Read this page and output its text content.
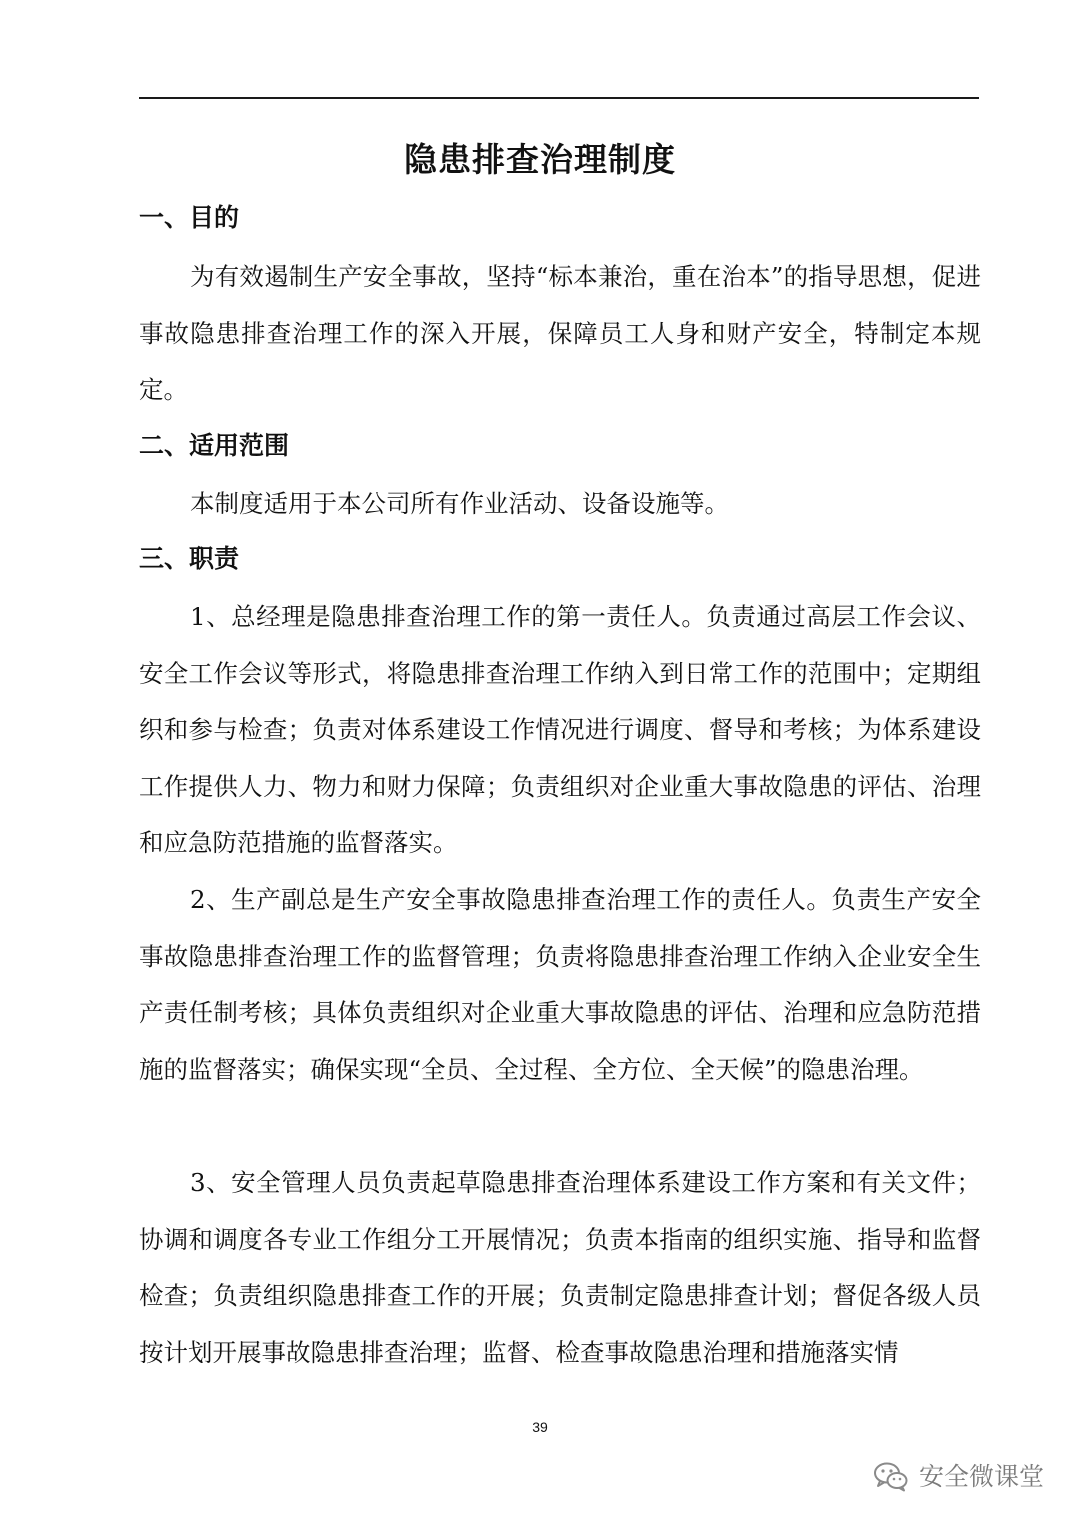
隐患排查治理制度
一、目的
为有效遏制生产安全事故，坚持“标本兼治，重在治本”的指导思想，促进事故隐患排查治理工作的深入开展，保障员工人身和财产安全，特制定本规定。
二、适用范围
本制度适用于本公司所有作业活动、设备设施等。
三、职责
1、总经理是隐患排查治理工作的第一责任人。负责通过高层工作会议、安全工作会议等形式，将隐患排查治理工作纳入到日常工作的范围中；定期组织和参与检查；负责对体系建设工作情况进行调度、督导和考核；为体系建设工作提供人力、物力和财力保障；负责组织对企业重大事故隐患的评估、治理和应急防范措施的监督落实。
2、生产副总是生产安全事故隐患排查治理工作的责任人。负责生产安全事故隐患排查治理工作的监督管理；负责将隐患排查治理工作纳入企业安全生产责任制考核；具体负责组织对企业重大事故隐患的评估、治理和应急防范措施的监督落实；确保实现“全员、全过程、全方位、全天候”的隐患治理。
3、安全管理人员负责起草隐患排查治理体系建设工作方案和有关文件；协调和调度各专业工作组分工开展情况；负责本指南的组织实施、指导和监督检查；负责组织隐患排查工作的开展；负责制定隐患排查计划；督促各级人员按计划开展事故隐患排查治理；监督、检查事故隐患治理和措施落实情
39
安全微课堂
